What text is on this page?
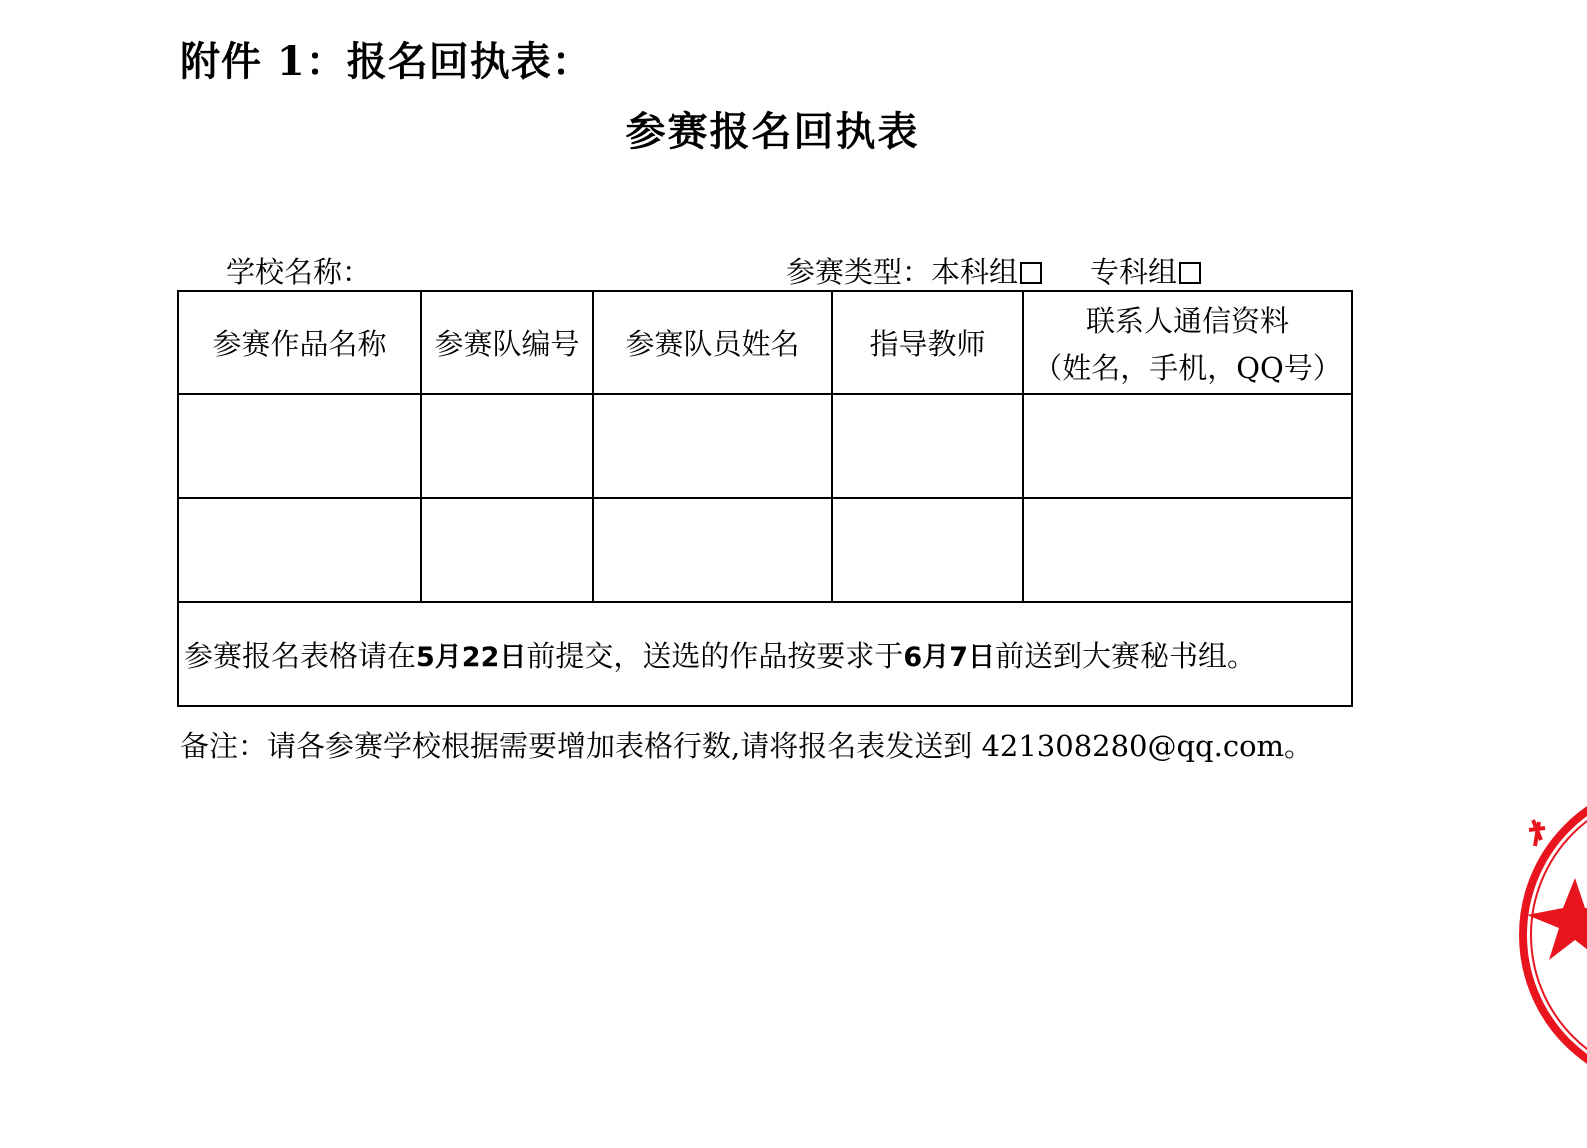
附件 1：报名回执表：
参赛报名回执表
学校名称：	参赛类型：本科组 专科组
参赛作品名称	参赛队编号	参赛队员姓名	指导教师	联系人通信资料
（姓名，手机，QQ号）

参赛报名表格请在5月22日前提交，送选的作品按要求于6月7日前送到大赛秘书组。				
备注：请各参赛学校根据需要增加表格行数,请将报名表发送到 421308280@qq.com。
